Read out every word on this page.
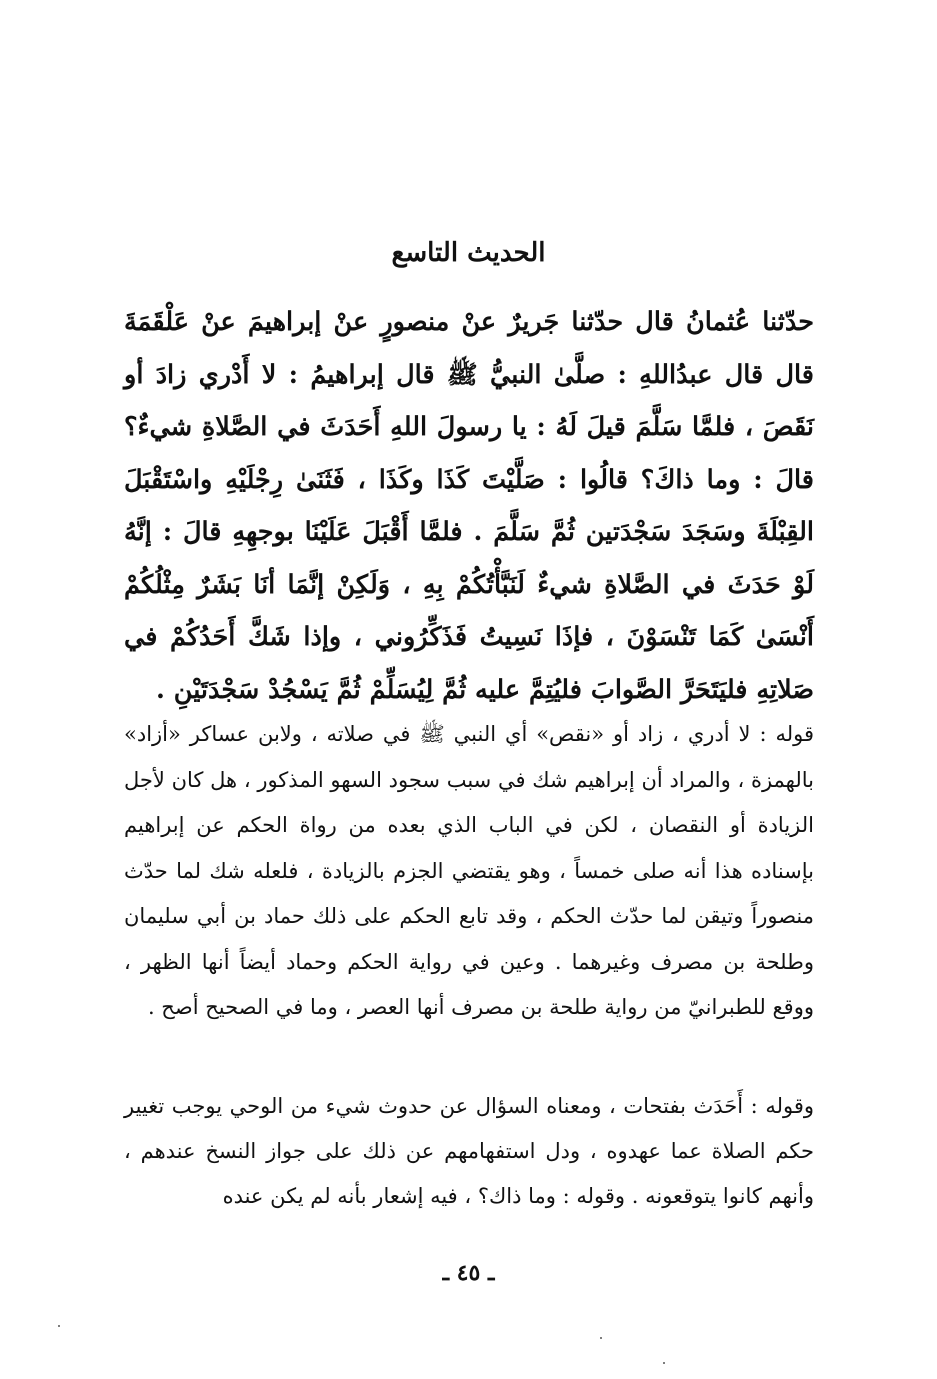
الحديث التاسع

حدّثنا عُثمانُ قال حدّثنا جَريرٌ عنْ منصورٍ عنْ إبراهيمَ عنْ عَلْقَمَةَ قال قال عبدُاللهِ : صلَّىٰ النبيُّ ﷺ قال إبراهيمُ : لا أَدْري زادَ أو نَقَصَ ، فلمَّا سَلَّمَ قيلَ لَهُ : يا رسولَ اللهِ أَحَدَثَ في الصَّلاةِ شيءٌ؟ قالَ : وما ذاكَ؟ قالُوا : صَلَّيْتَ كَذَا وكَذَا ، فَثَنَىٰ رِجْلَيْهِ واسْتَقْبَلَ القِبْلَةَ وسَجَدَ سَجْدَتين ثُمَّ سَلَّمَ . فلمَّا أَقْبَلَ عَلَيْنَا بوجهِهِ قالَ : إنَّهُ لَوْ حَدَثَ في الصَّلاةِ شيءٌ لَنَبَّأْتُكُمْ بِهِ ، وَلَكِنْ إنَّمَا أنَا بَشَرٌ مِثْلُكُمْ أَنْسَىٰ كَمَا تَنْسَوْنَ ، فإذَا نَسِيتُ فَذَكِّرُوني ، وإذا شَكَّ أَحَدُكُمْ في صَلاتِهِ فليَتَحَرَّ الصَّوابَ فليُتِمَّ عليه ثُمَّ لِيُسَلِّمْ ثُمَّ يَسْجُدْ سَجْدَتَيْنِ .

قوله : لا أدري ، زاد أو «نقص» أي النبي ﷺ في صلاته ، ولابن عساكر «أزاد» بالهمزة ، والمراد أن إبراهيم شك في سبب سجود السهو المذكور ، هل كان لأجل الزيادة أو النقصان ، لكن في الباب الذي بعده من رواة الحكم عن إبراهيم بإسناده هذا أنه صلى خمساً ، وهو يقتضي الجزم بالزيادة ، فلعله شك لما حدّث منصوراً وتيقن لما حدّث الحكم ، وقد تابع الحكم على ذلك حماد بن أبي سليمان وطلحة بن مصرف وغيرهما . وعين في رواية الحكم وحماد أيضاً أنها الظهر ، ووقع للطبرانيّ من رواية طلحة بن مصرف أنها العصر ، وما في الصحيح أصح .

وقوله : أَحَدَث بفتحات ، ومعناه السؤال عن حدوث شيء من الوحي يوجب تغيير حكم الصلاة عما عهدوه ، ودل استفهامهم عن ذلك على جواز النسخ عندهم ، وأنهم كانوا يتوقعونه . وقوله : وما ذاك؟ ، فيه إشعار بأنه لم يكن عنده

ـ ٤٥ ـ
